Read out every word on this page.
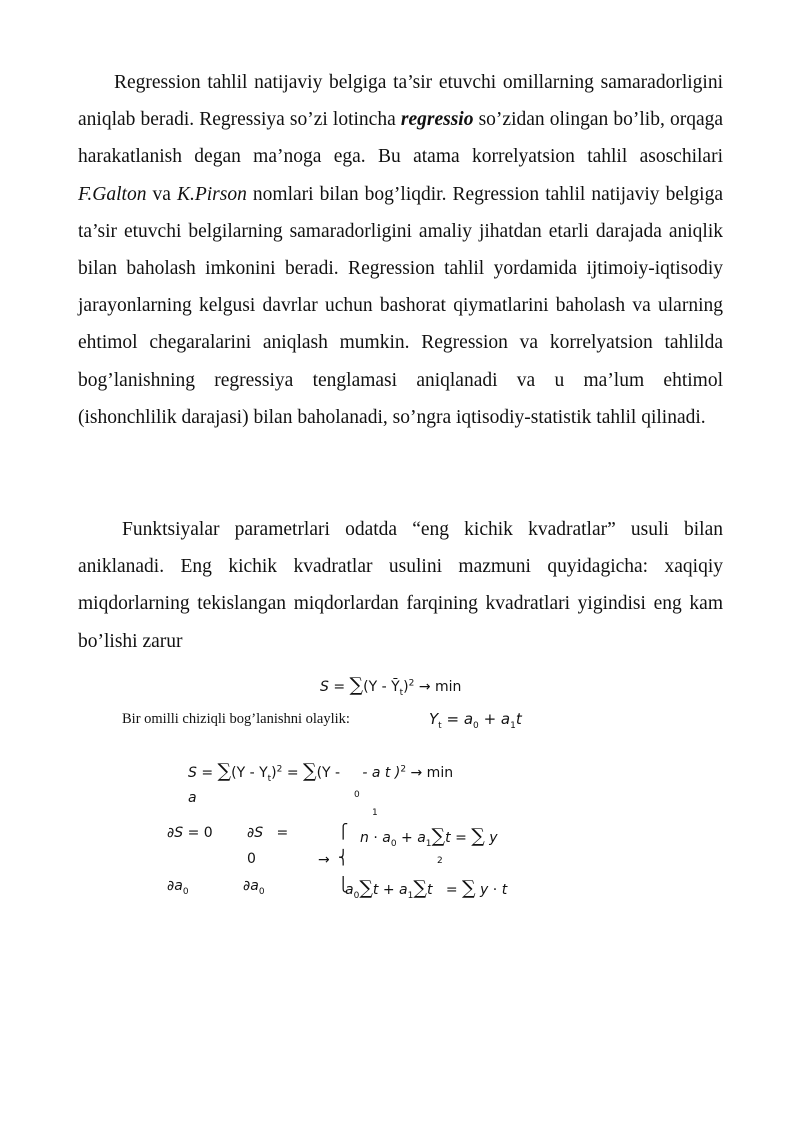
Regression tahlil natijaviy belgiga ta’sir etuvchi omillarning samaradorligini aniqlab beradi. Regressiya so’zi lotincha regressio so’zidan olingan bo’lib, orqaga harakatlanish degan ma’noga ega. Bu atama korrelyatsion tahlil asoschilari F.Galton va K.Pirson nomlari bilan bog’liqdir. Regression tahlil natijaviy belgiga ta’sir etuvchi belgilarning samaradorligini amaliy jihatdan etarli darajada aniqlik bilan baholash imkonini beradi. Regression tahlil yordamida ijtimoiy-iqtisodiy jarayonlarning kelgusi davrlar uchun bashorat qiymatlarini baholash va ularning ehtimol chegaralarini aniqlash mumkin. Regression va korrelyatsion tahlilda bog’lanishning regressiya tenglamasi aniqlanadi va u ma’lum ehtimol (ishonchlilik darajasi) bilan baholanadi, so’ngra iqtisodiy-statistik tahlil qilinadi.

Funktsiyalar parametrlari odatda “eng kichik kvadratlar” usuli bilan aniklanadi. Eng kichik kvadratlar usulini mazmuni quyidagicha: xaqiqiy miqdorlarning tekislangan miqdorlardan farqining kvadratlari yigindisi eng kam bo’lishi zarur

$S = \sum(Y - Ȳ_t)^2 \to \min$
Bir omilli chiziqli bog’lanishni olaylik:	$Y_t = a_0 + a_1t$
$S = \sum(Y - Y_t)^2 = \sum(Y$ - - a t )$^2$ → min
a	0
1
∂S = 0
$\partial a_0$
∂S =
0
$\partial a_0$
→
⎧
⎨
⎩
$n \cdot a_0 + a_1\sum t$ = ∑ y
2
$a_0\sum t + a_1\sum t$ = ∑ y · t
